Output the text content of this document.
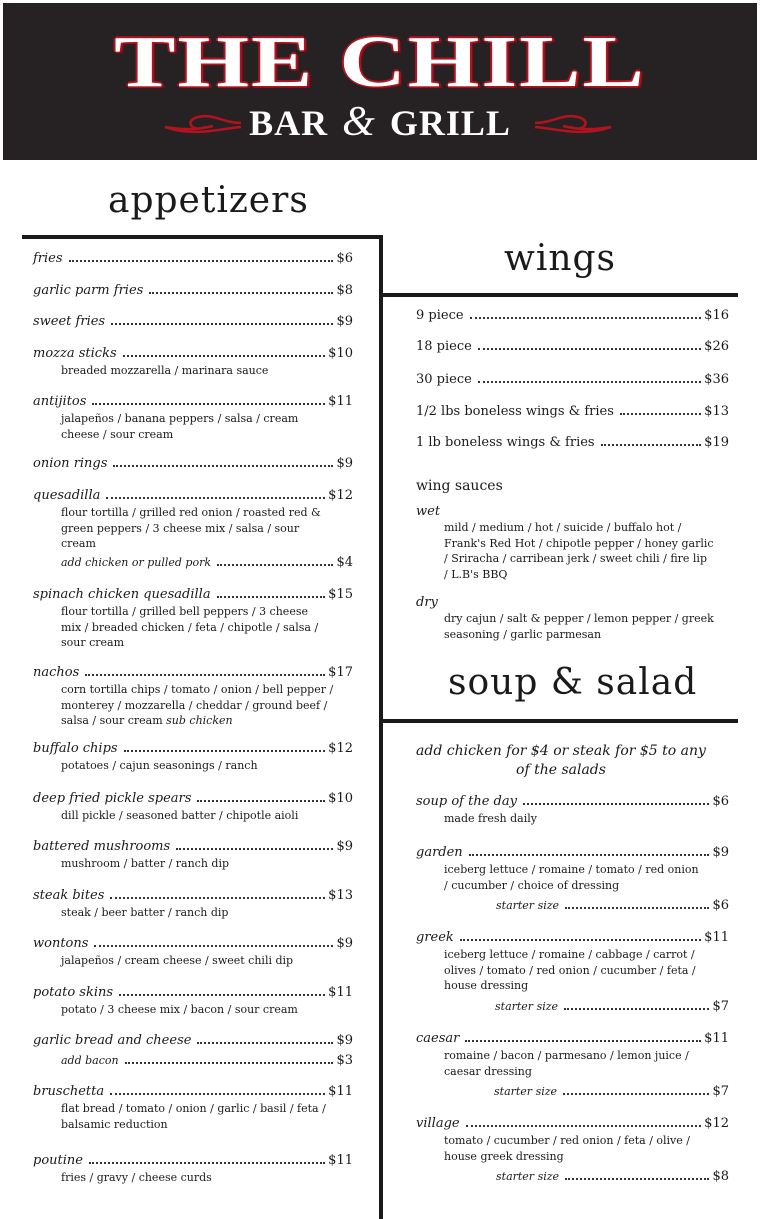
THE CHILL
BAR & GRILL
appetizers
fries	$6
garlic parm fries	$8
sweet fries	$9
mozza sticks	$10
breaded mozzarella / marinara sauce
antijitos	$11
jalapeños / banana peppers / salsa / cream cheese / sour cream
onion rings	$9
quesadilla	$12
flour tortilla / grilled red onion / roasted red & green peppers / 3 cheese mix / salsa / sour cream
add chicken or pulled pork	$4
spinach chicken quesadilla	$15
flour tortilla / grilled bell peppers / 3 cheese mix / breaded chicken / feta / chipotle / salsa / sour cream
nachos	$17
corn tortilla chips / tomato / onion / bell pepper / monterey / mozzarella / cheddar / ground beef / salsa / sour cream sub chicken
buffalo chips	$12
potatoes / cajun seasonings / ranch
deep fried pickle spears	$10
dill pickle / seasoned batter / chipotle aioli
battered mushrooms	$9
mushroom / batter / ranch dip
steak bites	$13
steak / beer batter / ranch dip
wontons	$9
jalapeños / cream cheese / sweet chili dip
potato skins	$11
potato / 3 cheese mix / bacon / sour cream
garlic bread and cheese	$9
add bacon	$3
bruschetta	$11
flat bread / tomato / onion / garlic / basil / feta / balsamic reduction
poutine	$11
fries / gravy / cheese curds
wings
9 piece	$16
18 piece	$26
30 piece	$36
1/2 lbs boneless wings & fries	$13
1 lb boneless wings & fries	$19
wing sauces
wet
mild / medium / hot / suicide / buffalo hot / Frank's Red Hot / chipotle pepper / honey garlic / Sriracha / carribean jerk / sweet chili / fire lip / L.B's BBQ
dry
dry cajun / salt & pepper / lemon pepper / greek seasoning / garlic parmesan
soup & salad
add chicken for $4 or steak for $5 to any of the salads
soup of the day	$6
made fresh daily
garden	$9
iceberg lettuce / romaine / tomato / red onion / cucumber / choice of dressing
starter size	$6
greek	$11
iceberg lettuce / romaine / cabbage / carrot / olives / tomato / red onion / cucumber / feta / house dressing
starter size	$7
caesar	$11
romaine / bacon / parmesano / lemon juice / caesar dressing
starter size	$7
village	$12
tomato / cucumber / red onion / feta / olive / house greek dressing
starter size	$8
